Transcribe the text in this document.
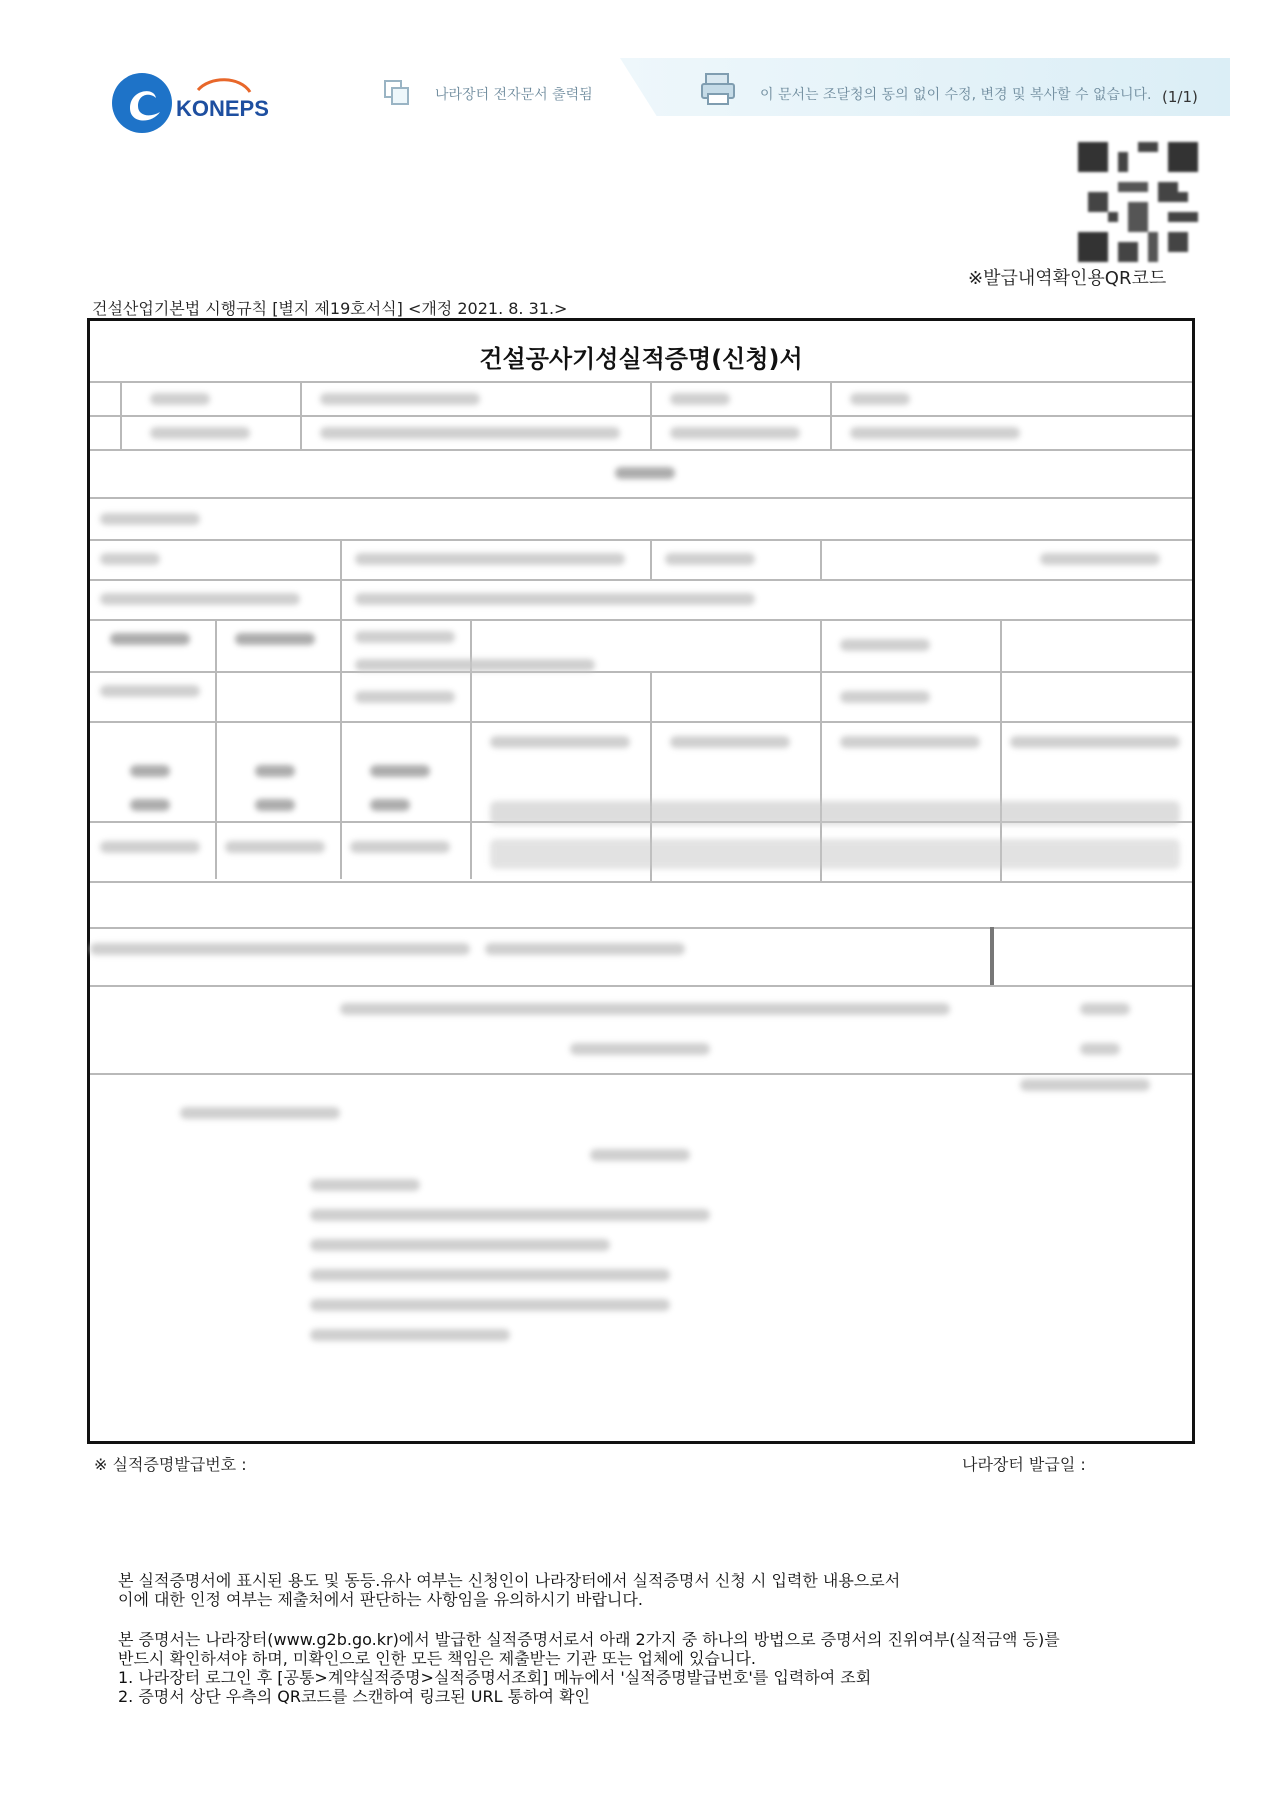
KONEPS
나라장터 전자문서 출력됨	이 문서는 조달청의 동의 없이 수정, 변경 및 복사할 수 없습니다. (1/1)
※발급내역확인용QR코드
건설산업기본법 시행규칙 [별지 제19호서식] <개정 2021. 8. 31.>
건설공사기성실적증명(신청)서
※ 실적증명발급번호 :	나라장터 발급일 :
본 실적증명서에 표시된 용도 및 동등.유사 여부는 신청인이 나라장터에서 실적증명서 신청 시 입력한 내용으로서
이에 대한 인정 여부는 제출처에서 판단하는 사항임을 유의하시기 바랍니다.
본 증명서는 나라장터(www.g2b.go.kr)에서 발급한 실적증명서로서 아래 2가지 중 하나의 방법으로 증명서의 진위여부(실적금액 등)를
반드시 확인하셔야 하며, 미확인으로 인한 모든 책임은 제출받는 기관 또는 업체에 있습니다.
1. 나라장터 로그인 후 [공통>계약실적증명>실적증명서조회] 메뉴에서 '실적증명발급번호'를 입력하여 조회
2. 증명서 상단 우측의 QR코드를 스캔하여 링크된 URL 통하여 확인
